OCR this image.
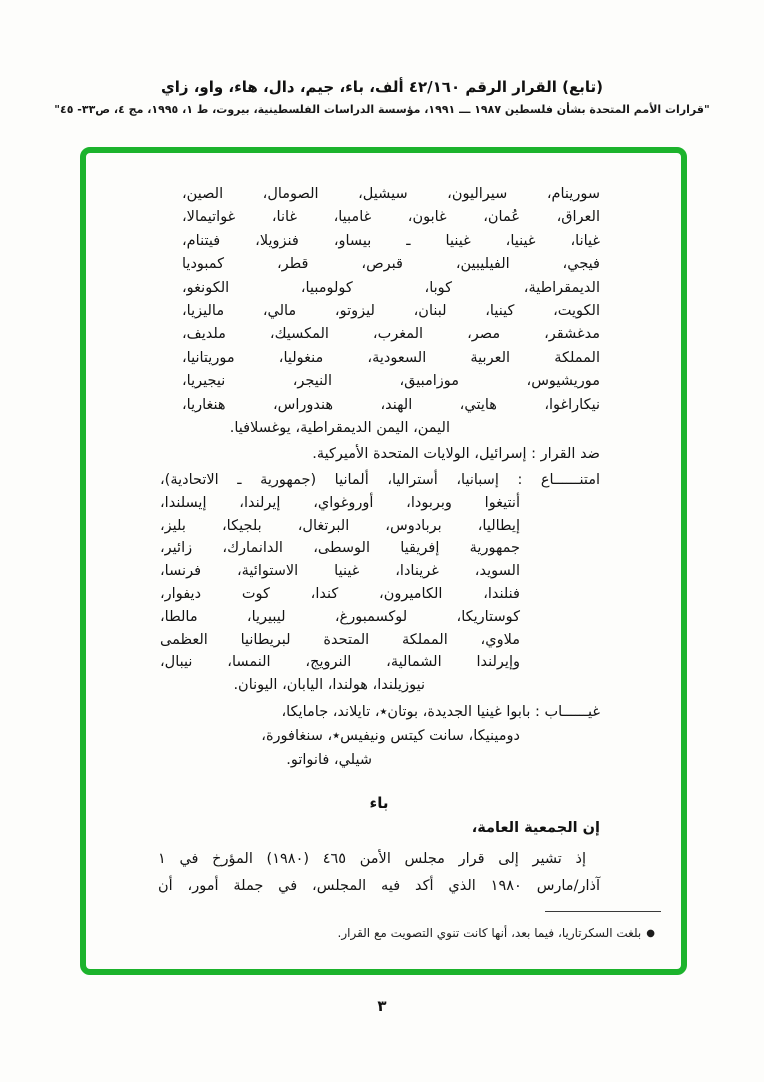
(تابع) القرار الرقم ٤٢/١٦٠ ألف، باء، جيم، دال، هاء، واو، زاي
"قرارات الأمم المتحدة بشأن فلسطين ١٩٨٧ ـــ ١٩٩١، مؤسسة الدراسات الفلسطينية، بيروت، ط ١، ١٩٩٥، مج ٤، ص٣٣- ٤٥"
سورينام، سيراليون، سيشيل، الصومال، الصين،
العراق، عُمان، غابون، غامبيا، غانا، غواتيمالا،
غيانا، غينيا، غينيا ـ بيساو، فنزويلا، فيتنام،
فيجي، الفيليبين، قبرص، قطر، كمبوديا
الديمقراطية، كوبا، كولومبيا، الكونغو،
الكويت، كينيا، لبنان، ليزوتو، مالي، ماليزيا،
مدغشقر، مصر، المغرب، المكسيك، ملديف،
المملكة العربية السعودية، منغوليا، موريتانيا،
موريشيوس، موزامبيق، النيجر، نيجيريا،
نيكاراغوا، هايتي، الهند، هندوراس، هنغاريا،
اليمن، اليمن الديمقراطية، يوغسلافيا.
ضد القرار : إسرائيل، الولايات المتحدة الأميركية.
امتنــــــاع : إسبانيا، أستراليا، ألمانيا (جمهورية ـ الاتحادية)،
أنتيغوا وبربودا، أوروغواي، إيرلندا، إيسلندا،
إيطاليا، بربادوس، البرتغال، بلجيكا، بليز،
جمهورية إفريقيا الوسطى، الدانمارك، زائير،
السويد، غرينادا، غينيا الاستوائية، فرنسا،
فنلندا، الكاميرون، كندا، كوت ديفوار،
كوستاريكا، لوكسمبورغ، ليبيريا، مالطا،
ملاوي، المملكة المتحدة لبريطانيا العظمى
وإيرلندا الشمالية، النرويج، النمسا، نيبال،
نيوزيلندا، هولندا، اليابان، اليونان.
غيــــــاب : بابوا غينيا الجديدة، بوتان٭، تايلاند، جامايكا،
دومينيكا، سانت كيتس ونيفيس٭، سنغافورة،
شيلي، فانواتو.
باء
إن الجمعية العامة،
إذ تشير إلى قرار مجلس الأمن ٤٦٥ (١٩٨٠) المؤرخ في ١
آذار/مارس ١٩٨٠ الذي أكد فيه المجلس، في جملة أمور، أن
●بلغت السكرتاريا، فيما بعد، أنها كانت تنوي التصويت مع القرار.
٣
